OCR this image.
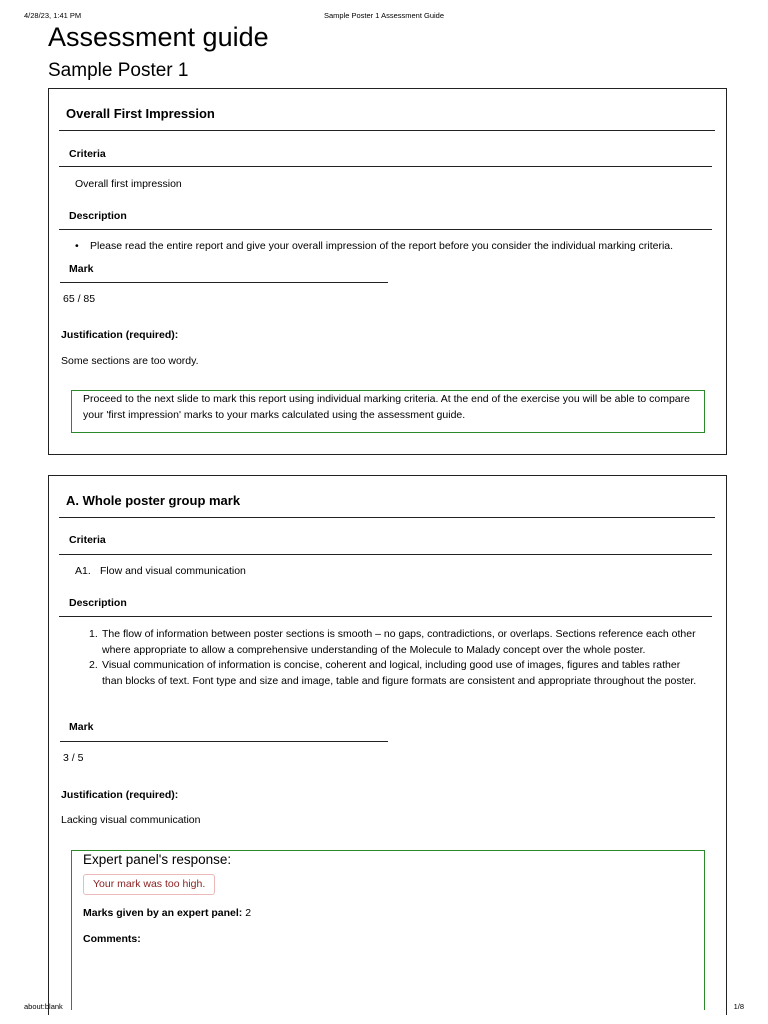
4/28/23, 1:41 PM	Sample Poster 1 Assessment Guide
Assessment guide
Sample Poster 1
Overall First Impression
Criteria
Overall first impression
Description
• Please read the entire report and give your overall impression of the report before you consider the individual marking criteria.
Mark
65 / 85
Justification (required):
Some sections are too wordy.
Proceed to the next slide to mark this report using individual marking criteria. At the end of the exercise you will be able to compare your 'first impression' marks to your marks calculated using the assessment guide.
A. Whole poster group mark
Criteria
A1. Flow and visual communication
Description
1. The flow of information between poster sections is smooth – no gaps, contradictions, or overlaps. Sections reference each other where appropriate to allow a comprehensive understanding of the Molecule to Malady concept over the whole poster.
2. Visual communication of information is concise, coherent and logical, including good use of images, figures and tables rather than blocks of text. Font type and size and image, table and figure formats are consistent and appropriate throughout the poster.
Mark
3 / 5
Justification (required):
Lacking visual communication
Expert panel's response:
Your mark was too high.
Marks given by an expert panel: 2
Comments:
about:blank	1/8
